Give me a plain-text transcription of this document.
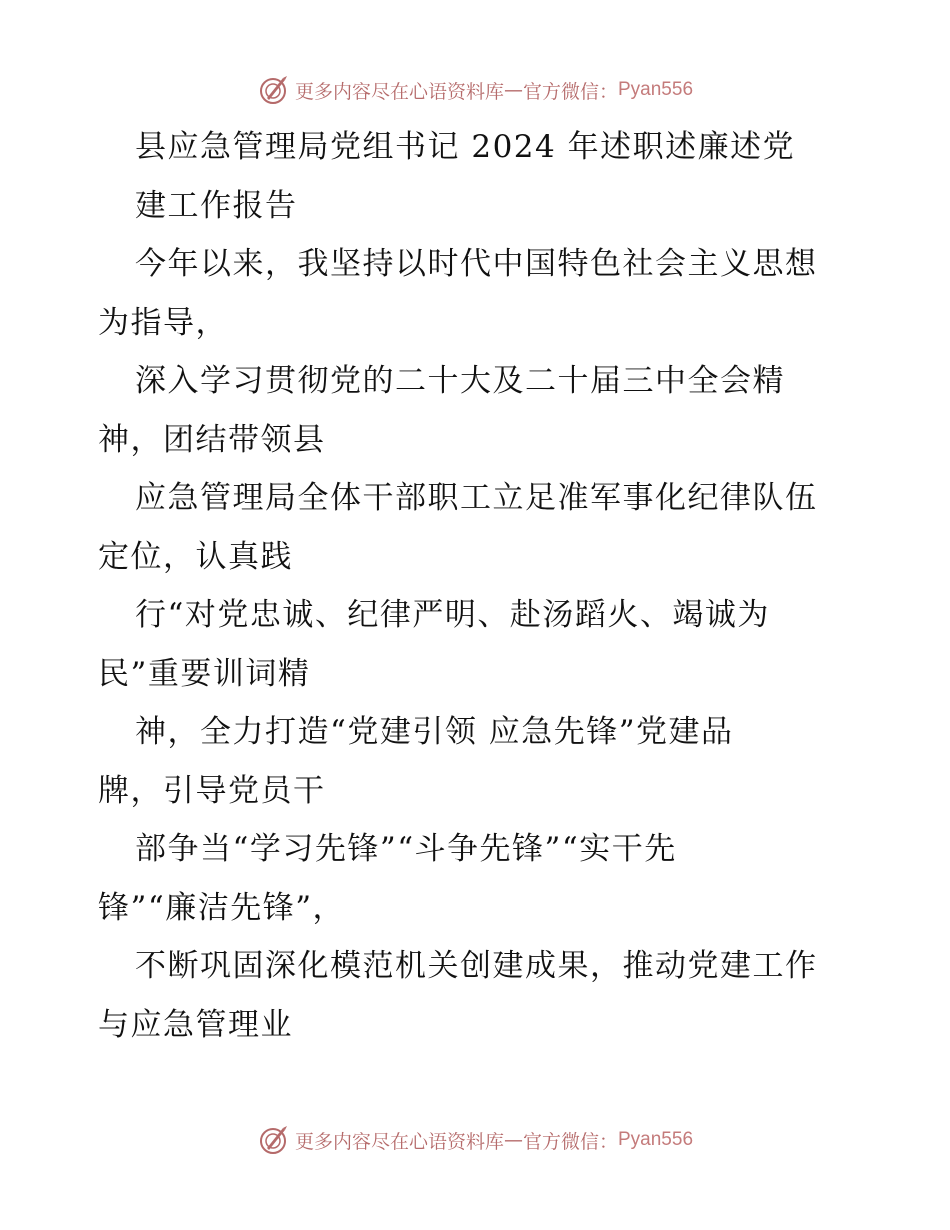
更多内容尽在心语资料库 — 官方微信： Pyan556
县应急管理局党组书记 2024 年述职述廉述党
建工作报告
今年以来，我坚持以时代中国特色社会主义思想
为指导，
深入学习贯彻党的二十大及二十届三中全会精
神，团结带领县
应急管理局全体干部职工立足准军事化纪律队伍
定位，认真践
行“对党忠诚、纪律严明、赴汤蹈火、竭诚为
民”重要训词精
神，全力打造“党建引领 应急先锋”党建品
牌，引导党员干
部争当“学习先锋”“斗争先锋”“实干先
锋”“廉洁先锋”，
不断巩固深化模范机关创建成果，推动党建工作
与应急管理业
更多内容尽在心语资料库 — 官方微信： Pyan556
